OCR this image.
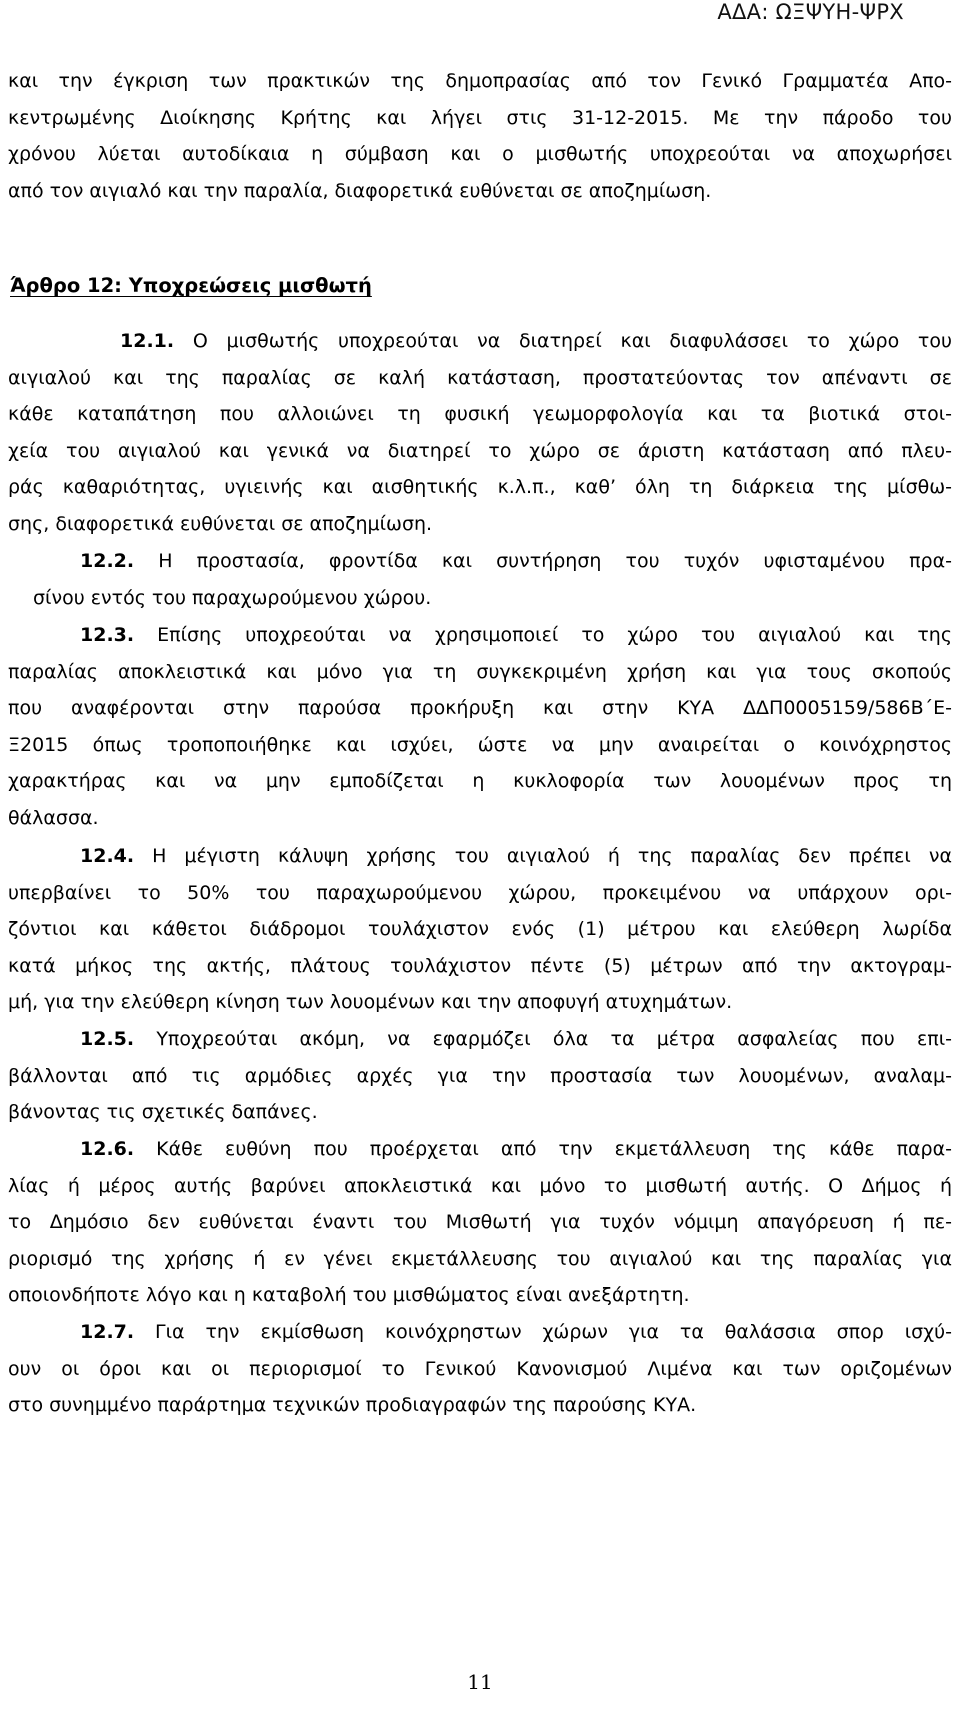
ΑΔΑ: ΩΞΨΥΗ-ΨΡΧ
και την έγκριση των πρακτικών της δημοπρασίας από τον Γενικό Γραμματέα Απο-
κεντρωμένης Διοίκησης Κρήτης και λήγει στις 31-12-2015. Με την πάροδο του
χρόνου λύεται αυτοδίκαια η σύμβαση και ο μισθωτής υποχρεούται να αποχωρήσει
από τον αιγιαλό και την παραλία, διαφορετικά ευθύνεται σε αποζημίωση.
Άρθρο 12: Υποχρεώσεις μισθωτή
12.1. Ο μισθωτής υποχρεούται να διατηρεί και διαφυλάσσει το χώρο του
αιγιαλού και της παραλίας σε καλή κατάσταση, προστατεύοντας τον απέναντι σε
κάθε καταπάτηση που αλλοιώνει τη φυσική γεωμορφολογία και τα βιοτικά στοι-
χεία του αιγιαλού και γενικά να διατηρεί το χώρο σε άριστη κατάσταση από πλευ-
ράς καθαριότητας, υγιεινής και αισθητικής κ.λ.π., καθ’ όλη τη διάρκεια της μίσθω-
σης, διαφορετικά ευθύνεται σε αποζημίωση.
12.2. Η προστασία, φροντίδα και συντήρηση του τυχόν υφισταμένου πρα-
σίνου εντός του παραχωρούμενου χώρου.
12.3. Επίσης υποχρεούται να χρησιμοποιεί το χώρο του αιγιαλού και της
παραλίας αποκλειστικά και μόνο για τη συγκεκριμένη χρήση και για τους σκοπούς
που αναφέρονται στην παρούσα προκήρυξη και στην ΚΥΑ ΔΔΠ0005159/586Β΄Ε-
Ξ2015 όπως τροποποιήθηκε και ισχύει, ώστε να μην αναιρείται ο κοινόχρηστος
χαρακτήρας και να μην εμποδίζεται η κυκλοφορία των λουομένων προς τη
θάλασσα.
12.4. Η μέγιστη κάλυψη χρήσης του αιγιαλού ή της παραλίας δεν πρέπει να
υπερβαίνει το 50% του παραχωρούμενου χώρου, προκειμένου να υπάρχουν ορι-
ζόντιοι και κάθετοι διάδρομοι τουλάχιστον ενός (1) μέτρου και ελεύθερη λωρίδα
κατά μήκος της ακτής, πλάτους τουλάχιστον πέντε (5) μέτρων από την ακτογραμ-
μή, για την ελεύθερη κίνηση των λουομένων και την αποφυγή ατυχημάτων.
12.5. Υποχρεούται ακόμη, να εφαρμόζει όλα τα μέτρα ασφαλείας που επι-
βάλλονται από τις αρμόδιες αρχές για την προστασία των λουομένων, αναλαμ-
βάνοντας τις σχετικές δαπάνες.
12.6. Κάθε ευθύνη που προέρχεται από την εκμετάλλευση της κάθε παρα-
λίας ή μέρος αυτής βαρύνει αποκλειστικά και μόνο το μισθωτή αυτής. Ο Δήμος ή
το Δημόσιο δεν ευθύνεται έναντι του Μισθωτή για τυχόν νόμιμη απαγόρευση ή πε-
ριορισμό της χρήσης ή εν γένει εκμετάλλευσης του αιγιαλού και της παραλίας για
οποιονδήποτε λόγο και η καταβολή του μισθώματος είναι ανεξάρτητη.
12.7. Για την εκμίσθωση κοινόχρηστων χώρων για τα θαλάσσια σπορ ισχύ-
ουν οι όροι και οι περιορισμοί το Γενικού Κανονισμού Λιμένα και των οριζομένων
στο συνημμένο παράρτημα τεχνικών προδιαγραφών της παρούσης ΚΥΑ.
11
